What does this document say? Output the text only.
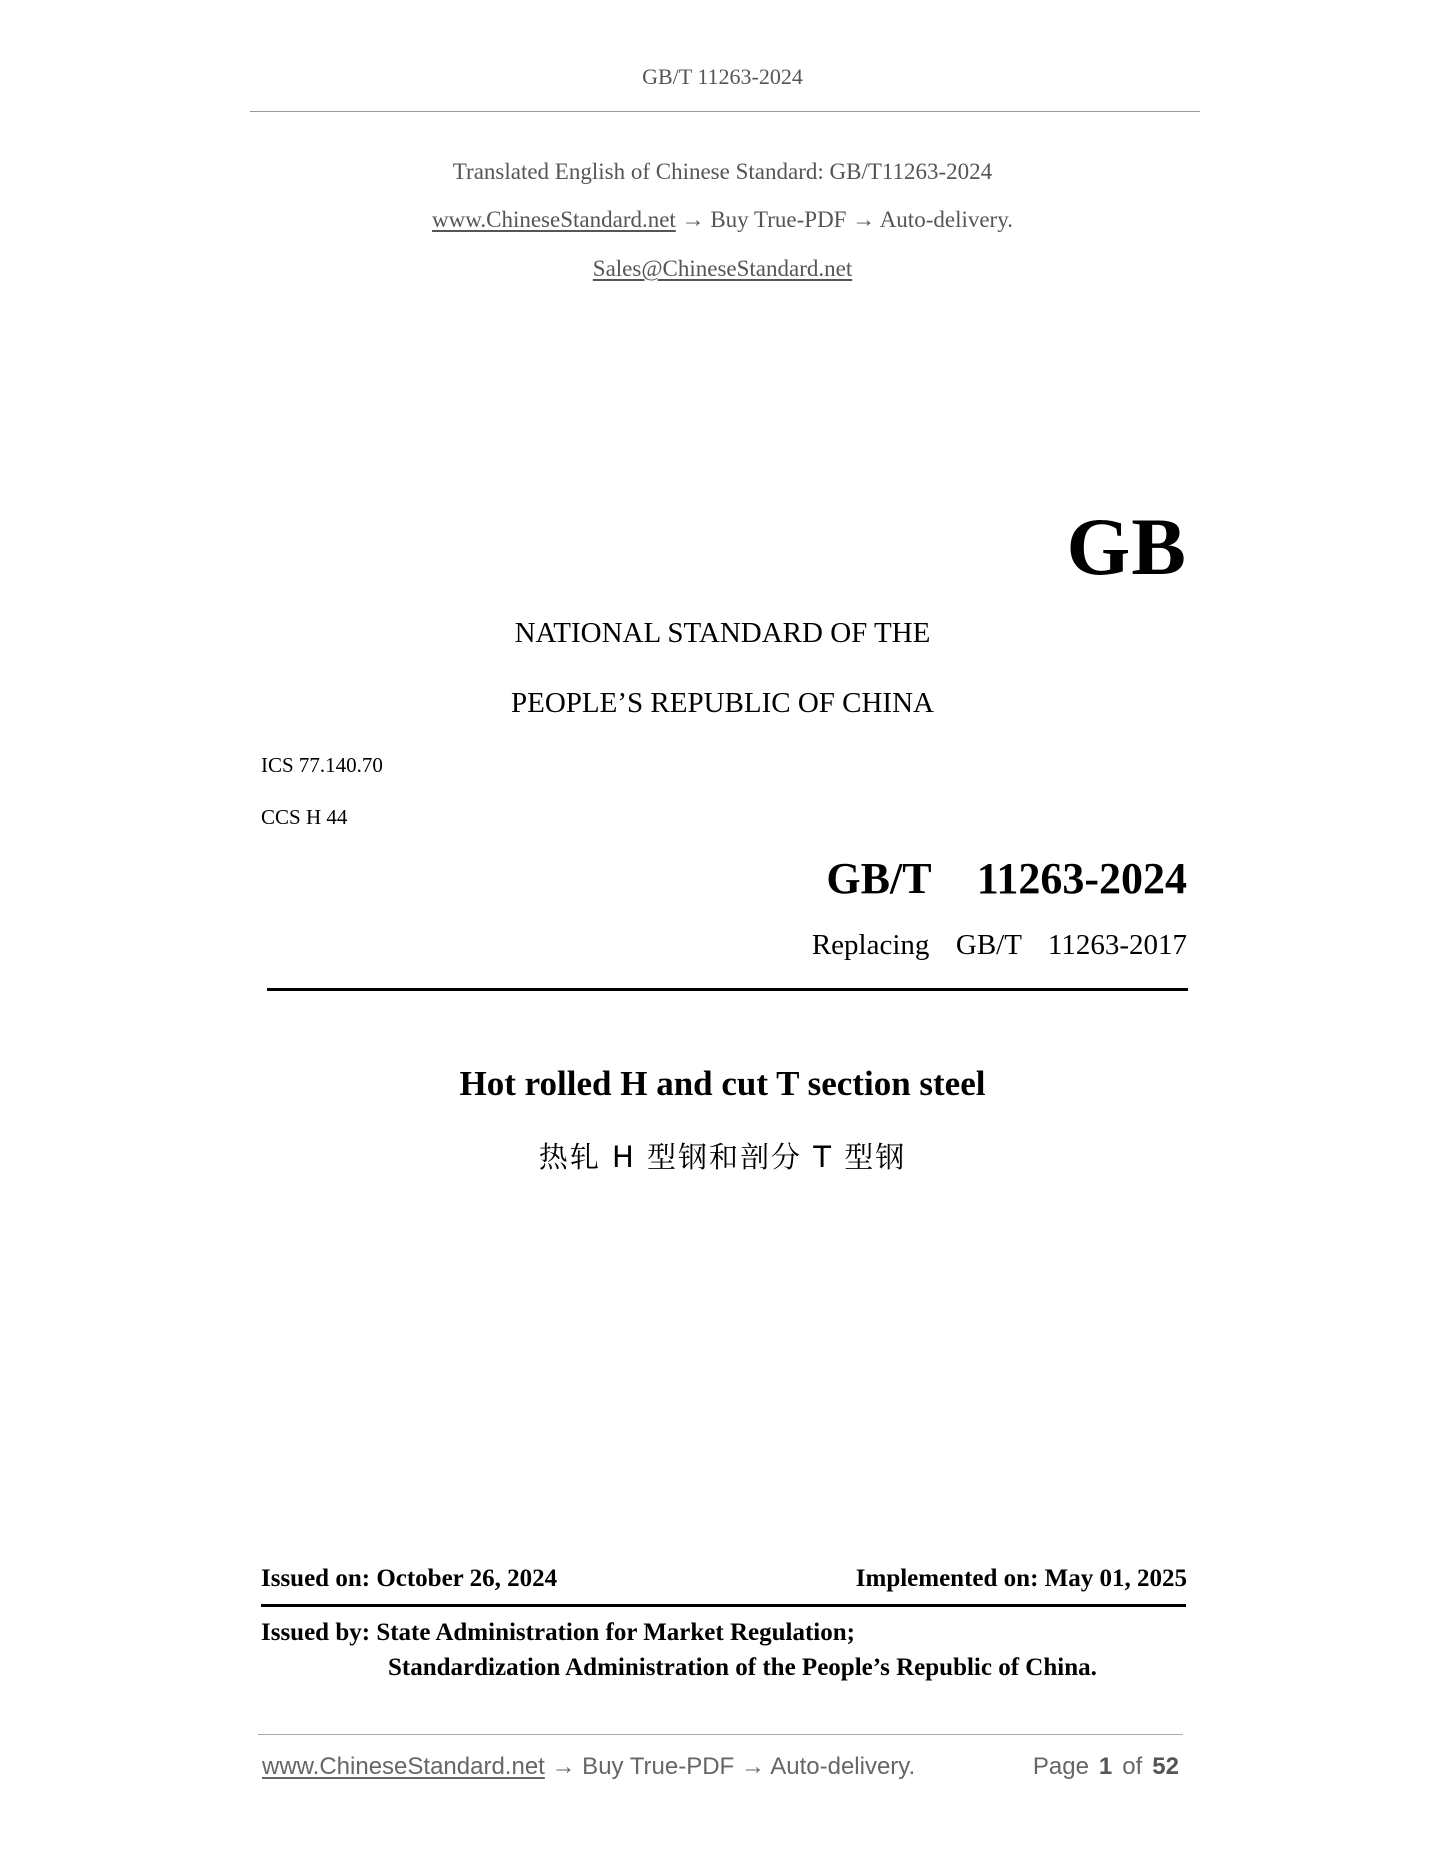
GB/T 11263-2024
Translated English of Chinese Standard: GB/T11263-2024
www.ChineseStandard.net → Buy True-PDF → Auto-delivery.
Sales@ChineseStandard.net
GB
NATIONAL STANDARD OF THE
PEOPLE’S REPUBLIC OF CHINA
ICS 77.140.70
CCS H 44
GB/T  11263-2024
Replacing  GB/T  11263-2017
Hot rolled H and cut T section steel
热轧 H 型钢和剖分 T 型钢
Issued on: October 26, 2024	Implemented on: May 01, 2025
Issued by: State Administration for Market Regulation;
Standardization Administration of the People’s Republic of China.
www.ChineseStandard.net → Buy True-PDF → Auto-delivery.	Page 1 of 52
